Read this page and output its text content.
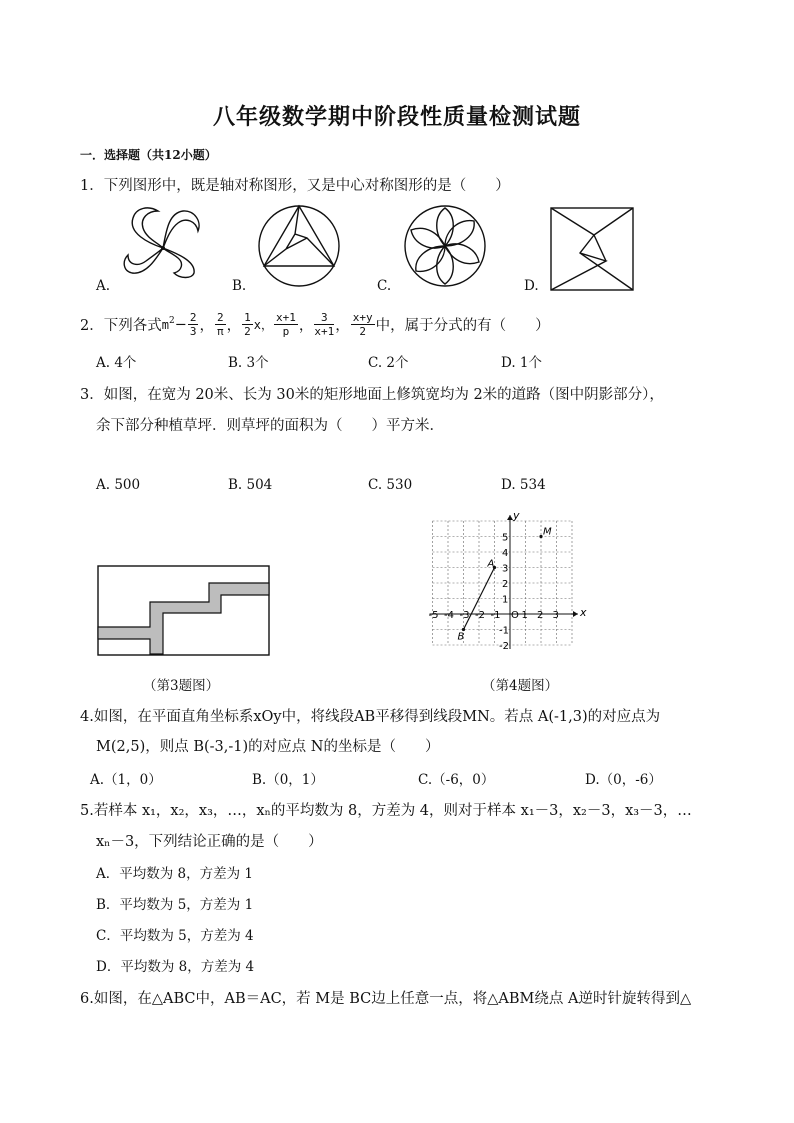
八年级数学期中阶段性质量检测试题
一．选择题（共12小题）
1．下列图形中，既是轴对称图形，又是中心对称图形的是（　　）
A.	B.	C.	D.
2．下列各式 $m^2 - \frac{2}{3}$ ， $\frac{2}{\pi}$ ， $\frac{1}{2}$ x， $\frac{x+1}{p}$ ， $\frac{3}{x+1}$ ， $\frac{x+y}{2}$ 中，属于分式的有（　　）
A. 4个	B. 3个	C. 2个	D. 1个
3．如图，在宽为 20米、长为 30米的矩形地面上修筑宽均为 2米的道路（图中阴影部分），
余下部分种植草坪．则草坪的面积为（　　）平方米．
A. 500	B. 504	C. 530	D. 534
（第3题图）
x
y
-5 -4 -3 -2 -1 O 1 2 3
5
4
3
2
1
-1
-2
A
B
M
（第4题图）
4.如图，在平面直角坐标系xOy中，将线段AB平移得到线段MN。若点 A(-1,3)的对应点为
M(2,5)，则点 B(-3,-1)的对应点 N的坐标是（　　）
A.（1，0）	B.（0，1）	C.（-6，0）	D.（0，-6）
5.若样本 x₁，x₂，x₃，…，xₙ的平均数为 8，方差为 4，则对于样本 x₁－3，x₂－3，x₃－3，…
xₙ－3，下列结论正确的是（　　）
A．平均数为 8，方差为 1
B．平均数为 5，方差为 1
C．平均数为 5，方差为 4
D．平均数为 8，方差为 4
6.如图，在△ABC中，AB＝AC，若 M是 BC边上任意一点，将△ABM绕点 A逆时针旋转得到△
